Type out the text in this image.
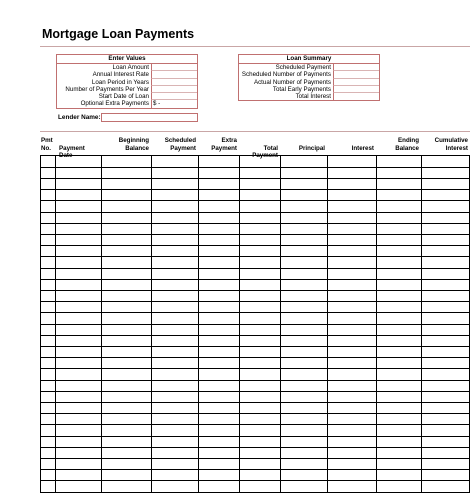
Mortgage Loan Payments
Enter Values
Loan Amount
Annual Interest Rate
Loan Period in Years
Number of Payments Per Year
Start Date of Loan
Optional Extra Payments $ -
Loan Summary
Scheduled Payment
Scheduled Number of Payments
Actual Number of Payments
Total Early Payments
Total Interest
Lender Name:
Pmt
No.
Payment Date
Beginning
Balance
Scheduled
Payment
Extra
Payment
	Total Payment

Principal
	Interest
Ending
Balance
Cumulative
Interest
